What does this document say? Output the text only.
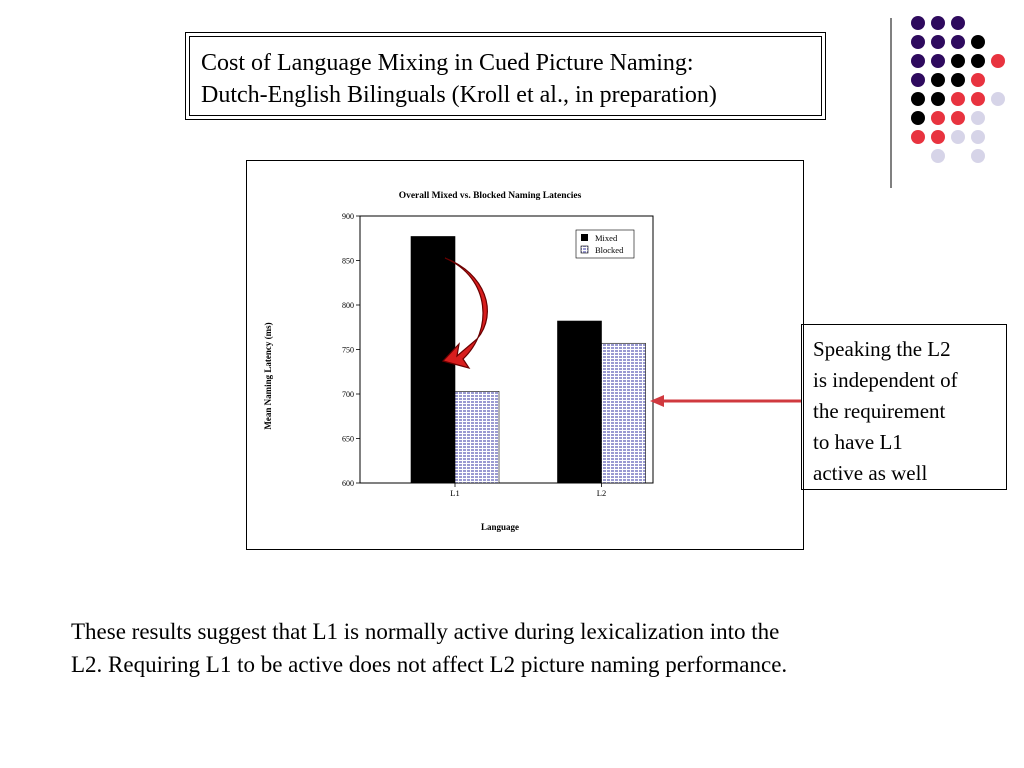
Cost of Language Mixing in Cued Picture Naming:
Dutch-English Bilinguals (Kroll et al., in preparation)
Overall Mixed vs. Blocked Naming Latencies
Mean Naming Latency (ms)
Language
600
650
700
750
800
850
900
L1	L2
Mixed
Blocked
Speaking the L2
is independent of
the requirement
to have L1
active as well
These results suggest that L1 is normally active during lexicalization into the
L2. Requiring L1 to be active does not affect L2 picture naming performance.
